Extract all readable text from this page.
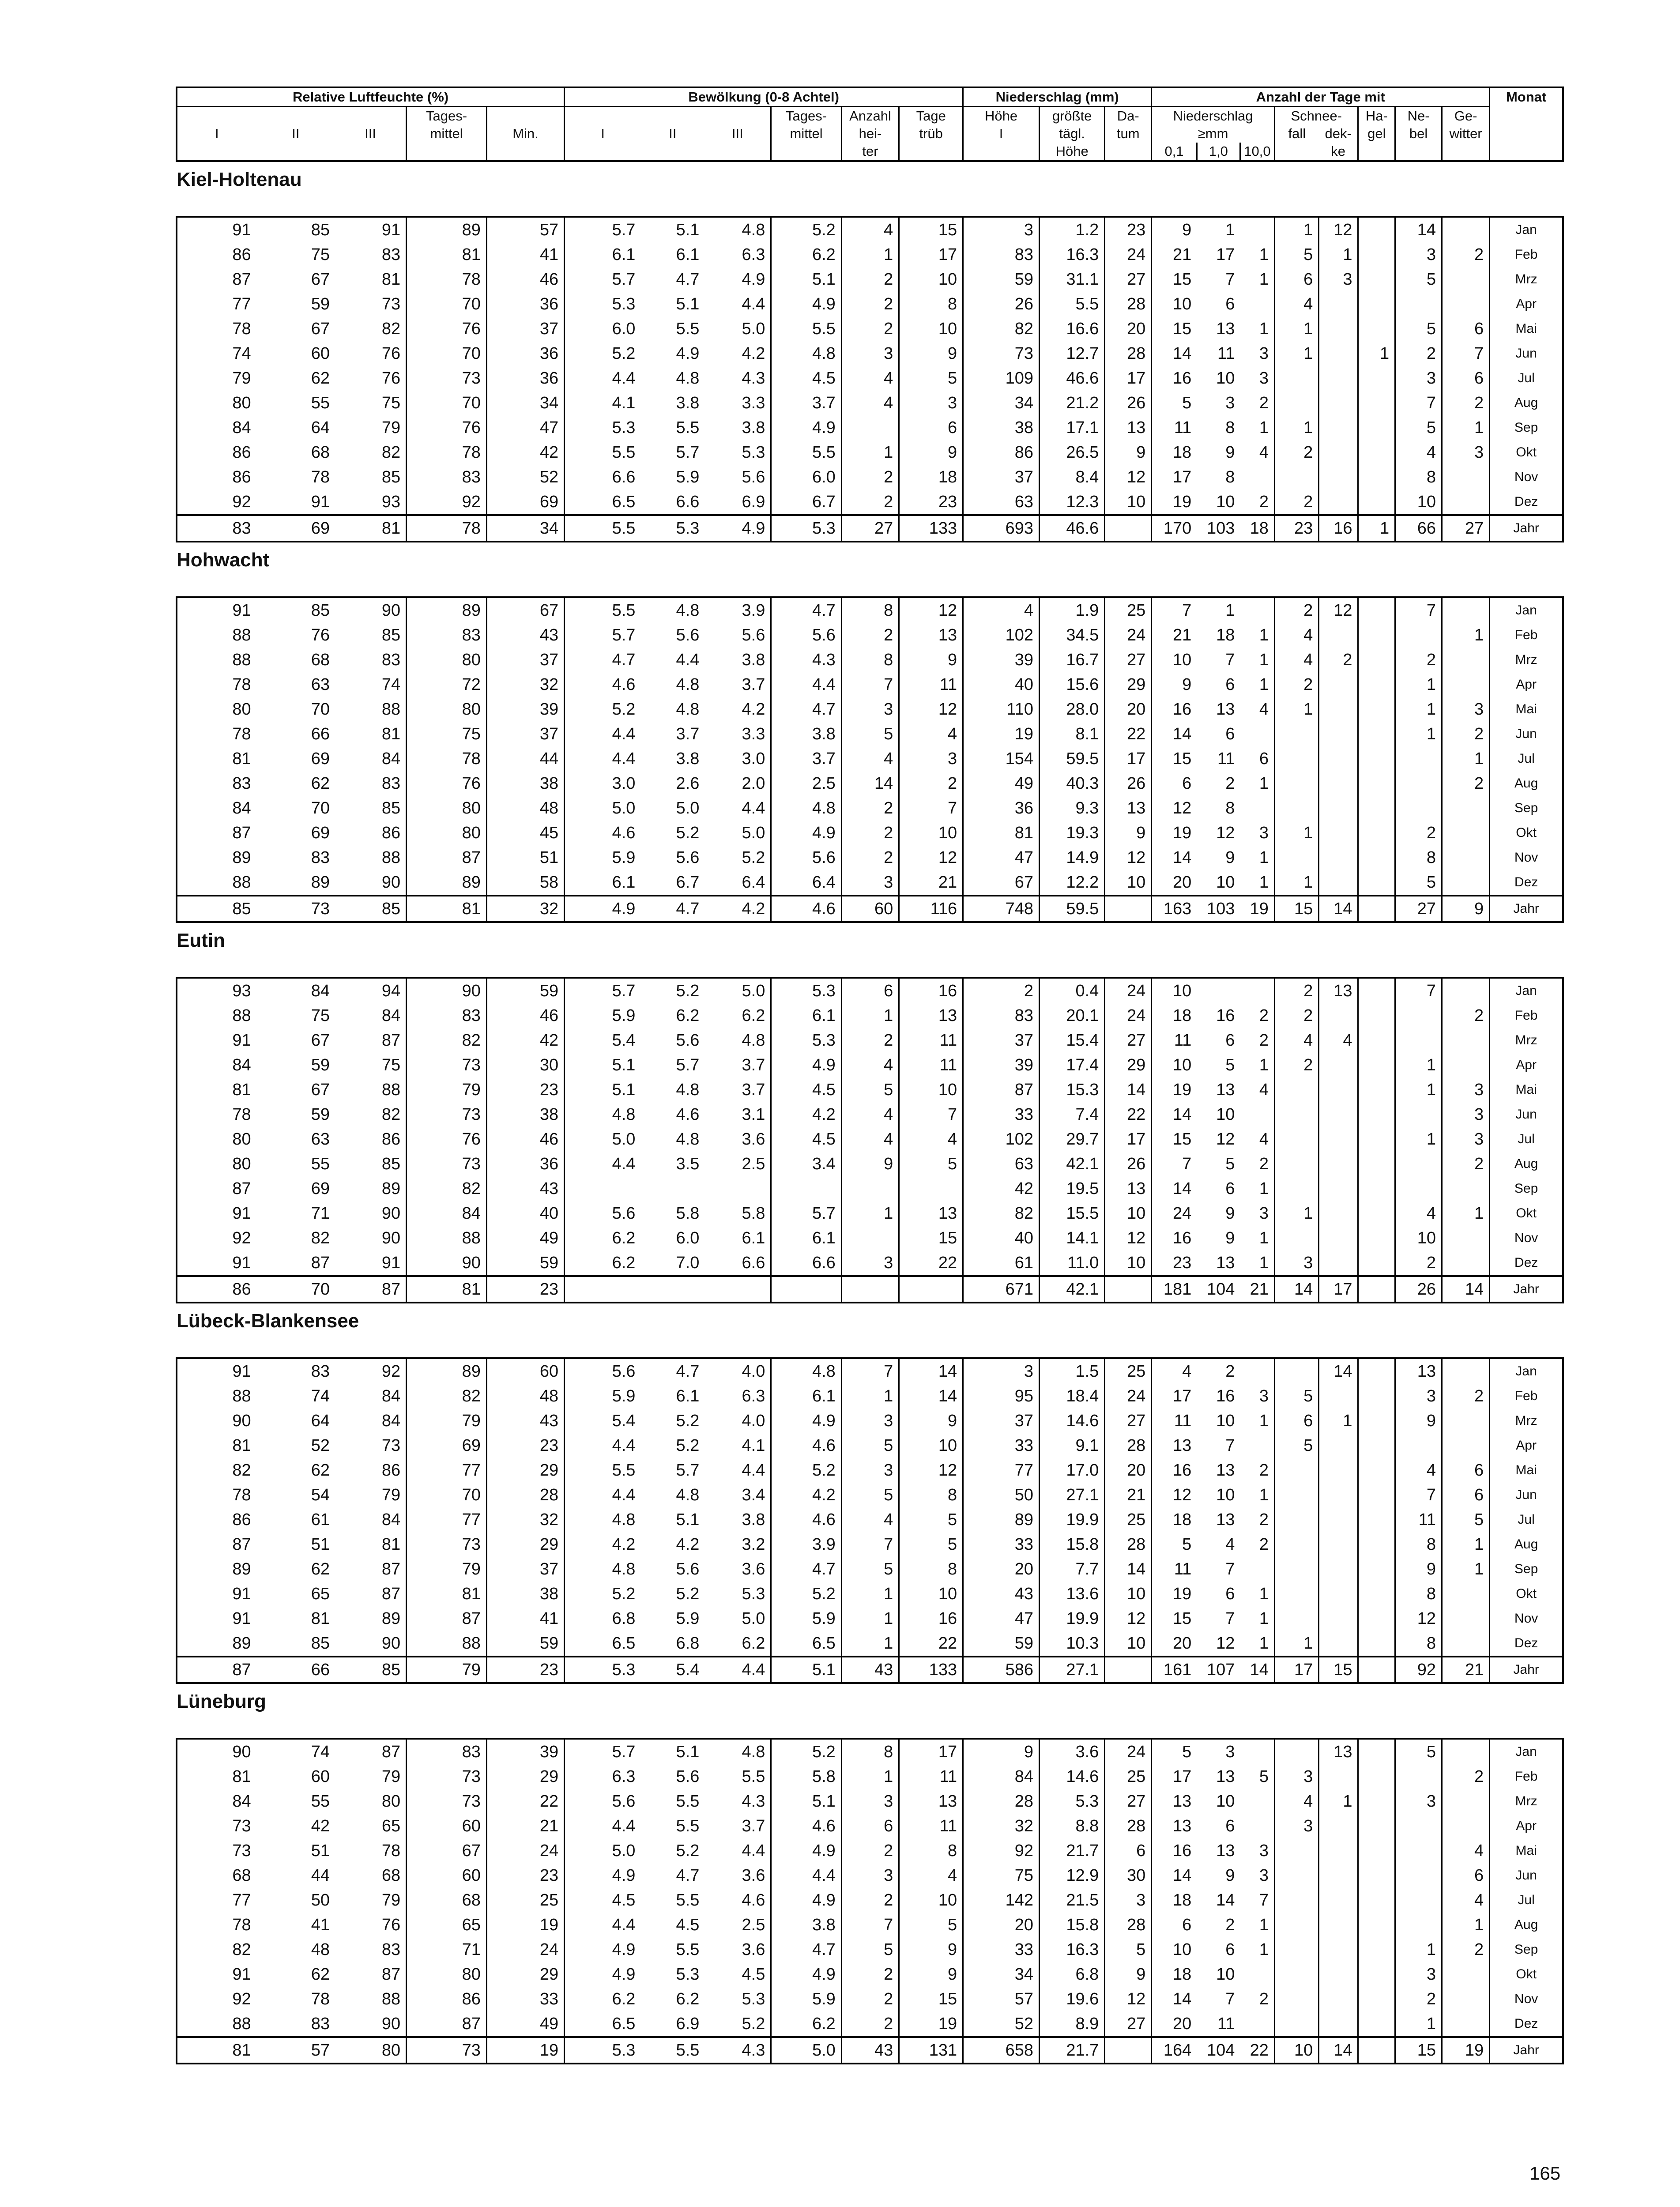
Relative Luftfeuchte (%)					Bewölkung (0-8 Achtel)						Niederschlag (mm)			Anzahl der Tage mit								Monat
			Tages-					Tages-	Anzahl	Tage	Höhe	größte	Da-	Niederschlag			Schnee-		Ha-	Ne-	Ge-	
I	II	III	mittel	Min.	I	II	III	mittel	hei-	trüb	I	tägl.	tum	≥mm			fall	dek-	gel	bel	witter	
									ter			Höhe		0,1	1,0	10,0		ke				
Kiel-Holtenau
91	85	91	89	57	5.7	5.1	4.8	5.2	4	15	3	1.2	23	9	1		1	12		14		Jan
86	75	83	81	41	6.1	6.1	6.3	6.2	1	17	83	16.3	24	21	17	1	5	1		3	2	Feb
87	67	81	78	46	5.7	4.7	4.9	5.1	2	10	59	31.1	27	15	7	1	6	3		5		Mrz
77	59	73	70	36	5.3	5.1	4.4	4.9	2	8	26	5.5	28	10	6		4					Apr
78	67	82	76	37	6.0	5.5	5.0	5.5	2	10	82	16.6	20	15	13	1	1			5	6	Mai
74	60	76	70	36	5.2	4.9	4.2	4.8	3	9	73	12.7	28	14	11	3	1		1	2	7	Jun
79	62	76	73	36	4.4	4.8	4.3	4.5	4	5	109	46.6	17	16	10	3				3	6	Jul
80	55	75	70	34	4.1	3.8	3.3	3.7	4	3	34	21.2	26	5	3	2				7	2	Aug
84	64	79	76	47	5.3	5.5	3.8	4.9		6	38	17.1	13	11	8	1	1			5	1	Sep
86	68	82	78	42	5.5	5.7	5.3	5.5	1	9	86	26.5	9	18	9	4	2			4	3	Okt
86	78	85	83	52	6.6	5.9	5.6	6.0	2	18	37	8.4	12	17	8					8		Nov
92	91	93	92	69	6.5	6.6	6.9	6.7	2	23	63	12.3	10	19	10	2	2			10		Dez
83	69	81	78	34	5.5	5.3	4.9	5.3	27	133	693	46.6		170	103	18	23	16	1	66	27	Jahr
Hohwacht
91	85	90	89	67	5.5	4.8	3.9	4.7	8	12	4	1.9	25	7	1		2	12		7		Jan
88	76	85	83	43	5.7	5.6	5.6	5.6	2	13	102	34.5	24	21	18	1	4				1	Feb
88	68	83	80	37	4.7	4.4	3.8	4.3	8	9	39	16.7	27	10	7	1	4	2		2		Mrz
78	63	74	72	32	4.6	4.8	3.7	4.4	7	11	40	15.6	29	9	6	1	2			1		Apr
80	70	88	80	39	5.2	4.8	4.2	4.7	3	12	110	28.0	20	16	13	4	1			1	3	Mai
78	66	81	75	37	4.4	3.7	3.3	3.8	5	4	19	8.1	22	14	6					1	2	Jun
81	69	84	78	44	4.4	3.8	3.0	3.7	4	3	154	59.5	17	15	11	6					1	Jul
83	62	83	76	38	3.0	2.6	2.0	2.5	14	2	49	40.3	26	6	2	1					2	Aug
84	70	85	80	48	5.0	5.0	4.4	4.8	2	7	36	9.3	13	12	8							Sep
87	69	86	80	45	4.6	5.2	5.0	4.9	2	10	81	19.3	9	19	12	3	1			2		Okt
89	83	88	87	51	5.9	5.6	5.2	5.6	2	12	47	14.9	12	14	9	1				8		Nov
88	89	90	89	58	6.1	6.7	6.4	6.4	3	21	67	12.2	10	20	10	1	1			5		Dez
85	73	85	81	32	4.9	4.7	4.2	4.6	60	116	748	59.5		163	103	19	15	14		27	9	Jahr
Eutin
93	84	94	90	59	5.7	5.2	5.0	5.3	6	16	2	0.4	24	10			2	13		7		Jan
88	75	84	83	46	5.9	6.2	6.2	6.1	1	13	83	20.1	24	18	16	2	2				2	Feb
91	67	87	82	42	5.4	5.6	4.8	5.3	2	11	37	15.4	27	11	6	2	4	4				Mrz
84	59	75	73	30	5.1	5.7	3.7	4.9	4	11	39	17.4	29	10	5	1	2			1		Apr
81	67	88	79	23	5.1	4.8	3.7	4.5	5	10	87	15.3	14	19	13	4				1	3	Mai
78	59	82	73	38	4.8	4.6	3.1	4.2	4	7	33	7.4	22	14	10						3	Jun
80	63	86	76	46	5.0	4.8	3.6	4.5	4	4	102	29.7	17	15	12	4				1	3	Jul
80	55	85	73	36	4.4	3.5	2.5	3.4	9	5	63	42.1	26	7	5	2					2	Aug
87	69	89	82	43							42	19.5	13	14	6	1						Sep
91	71	90	84	40	5.6	5.8	5.8	5.7	1	13	82	15.5	10	24	9	3	1			4	1	Okt
92	82	90	88	49	6.2	6.0	6.1	6.1		15	40	14.1	12	16	9	1				10		Nov
91	87	91	90	59	6.2	7.0	6.6	6.6	3	22	61	11.0	10	23	13	1	3			2		Dez
86	70	87	81	23							671	42.1		181	104	21	14	17		26	14	Jahr
Lübeck-Blankensee
91	83	92	89	60	5.6	4.7	4.0	4.8	7	14	3	1.5	25	4	2			14		13		Jan
88	74	84	82	48	5.9	6.1	6.3	6.1	1	14	95	18.4	24	17	16	3	5			3	2	Feb
90	64	84	79	43	5.4	5.2	4.0	4.9	3	9	37	14.6	27	11	10	1	6	1		9		Mrz
81	52	73	69	23	4.4	5.2	4.1	4.6	5	10	33	9.1	28	13	7		5					Apr
82	62	86	77	29	5.5	5.7	4.4	5.2	3	12	77	17.0	20	16	13	2				4	6	Mai
78	54	79	70	28	4.4	4.8	3.4	4.2	5	8	50	27.1	21	12	10	1				7	6	Jun
86	61	84	77	32	4.8	5.1	3.8	4.6	4	5	89	19.9	25	18	13	2				11	5	Jul
87	51	81	73	29	4.2	4.2	3.2	3.9	7	5	33	15.8	28	5	4	2				8	1	Aug
89	62	87	79	37	4.8	5.6	3.6	4.7	5	8	20	7.7	14	11	7					9	1	Sep
91	65	87	81	38	5.2	5.2	5.3	5.2	1	10	43	13.6	10	19	6	1				8		Okt
91	81	89	87	41	6.8	5.9	5.0	5.9	1	16	47	19.9	12	15	7	1				12		Nov
89	85	90	88	59	6.5	6.8	6.2	6.5	1	22	59	10.3	10	20	12	1	1			8		Dez
87	66	85	79	23	5.3	5.4	4.4	5.1	43	133	586	27.1		161	107	14	17	15		92	21	Jahr
Lüneburg
90	74	87	83	39	5.7	5.1	4.8	5.2	8	17	9	3.6	24	5	3			13		5		Jan
81	60	79	73	29	6.3	5.6	5.5	5.8	1	11	84	14.6	25	17	13	5	3				2	Feb
84	55	80	73	22	5.6	5.5	4.3	5.1	3	13	28	5.3	27	13	10		4	1		3		Mrz
73	42	65	60	21	4.4	5.5	3.7	4.6	6	11	32	8.8	28	13	6		3					Apr
73	51	78	67	24	5.0	5.2	4.4	4.9	2	8	92	21.7	6	16	13	3					4	Mai
68	44	68	60	23	4.9	4.7	3.6	4.4	3	4	75	12.9	30	14	9	3					6	Jun
77	50	79	68	25	4.5	5.5	4.6	4.9	2	10	142	21.5	3	18	14	7					4	Jul
78	41	76	65	19	4.4	4.5	2.5	3.8	7	5	20	15.8	28	6	2	1					1	Aug
82	48	83	71	24	4.9	5.5	3.6	4.7	5	9	33	16.3	5	10	6	1				1	2	Sep
91	62	87	80	29	4.9	5.3	4.5	4.9	2	9	34	6.8	9	18	10					3		Okt
92	78	88	86	33	6.2	6.2	5.3	5.9	2	15	57	19.6	12	14	7	2				2		Nov
88	83	90	87	49	6.5	6.9	5.2	6.2	2	19	52	8.9	27	20	11					1		Dez
81	57	80	73	19	5.3	5.5	4.3	5.0	43	131	658	21.7		164	104	22	10	14		15	19	Jahr
165
